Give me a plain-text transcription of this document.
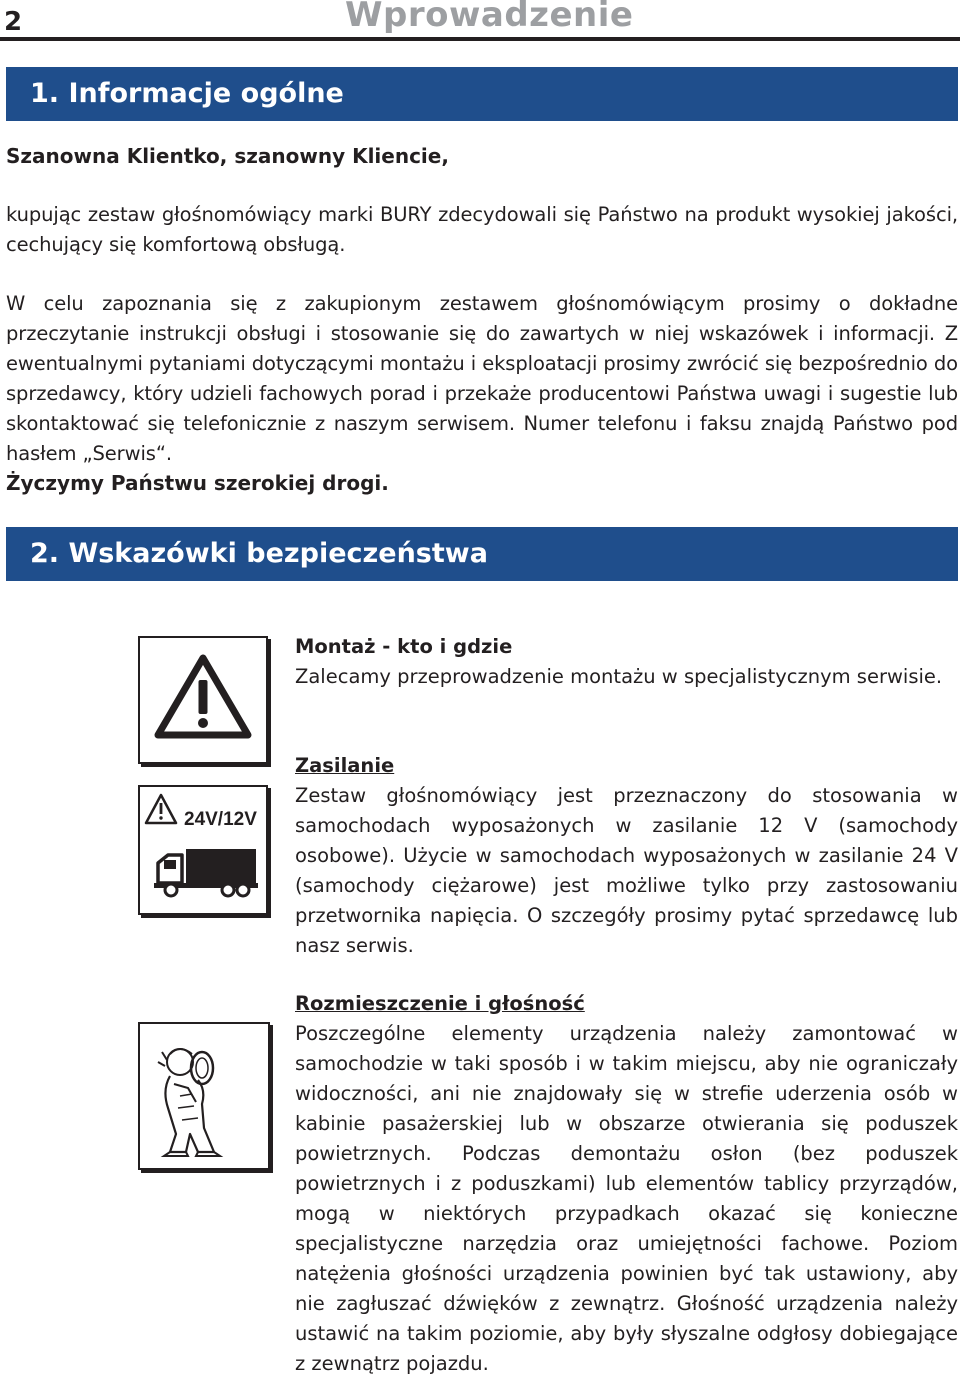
2	Wprowadzenie
1. Informacje ogólne
Szanowna Klientko, szanowny Kliencie,

kupując zestaw głośnomówiący marki BURY zdecydowali się Państwo na produkt wysokiej jakości, cechujący się komfortową obsługą.

W celu zapoznania się z zakupionym zestawem głośnomówiącym prosimy o dokładne przeczytanie instrukcji obsługi i stosowanie się do zawartych w niej wskazówek i informacji. Z ewentualnymi pytaniami dotyczącymi montażu i eksploatacji prosimy zwrócić się bezpośrednio do sprzedawcy, który udzieli fachowych porad i przekaże producentowi Państwa uwagi i sugestie lub skontaktować się telefonicznie z naszym serwisem. Numer telefonu i faksu znajdą Państwo pod hasłem „Serwis“.

Życzymy Państwu szerokiej drogi.
2. Wskazówki bezpieczeństwa
Montaż - kto i gdzie

Zalecamy przeprowadzenie montażu w specjalistycznym serwisie.

24V/12V
Zasilanie

Zestaw głośnomówiący jest przeznaczony do stosowania w samochodach wyposażonych w zasilanie 12 V (samochody osobowe). Użycie w samochodach wyposażonych w zasilanie 24 V (samochody ciężarowe) jest możliwe tylko przy zastosowaniu przetwornika napięcia. O szczegóły prosimy pytać sprzedawcę lub nasz serwis.

Rozmieszczenie i głośność

Poszczególne elementy urządzenia należy zamontować w samochodzie w taki sposób i w takim miejscu, aby nie ograniczały widoczności, ani nie znajdowały się w strefie uderzenia osób w kabinie pasażerskiej lub w obszarze otwierania się poduszek powietrznych. Podczas demontażu osłon (bez poduszek powietrznych i z poduszkami) lub elementów tablicy przyrządów, mogą w niektórych przypadkach okazać się konieczne specjalistyczne narzędzia oraz umiejętności fachowe. Poziom natężenia głośności urządzenia powinien być tak ustawiony, aby nie zagłuszać dźwięków z zewnątrz. Głośność urządzenia należy ustawić na takim poziomie, aby były słyszalne odgłosy dobiegające z zewnątrz pojazdu.
